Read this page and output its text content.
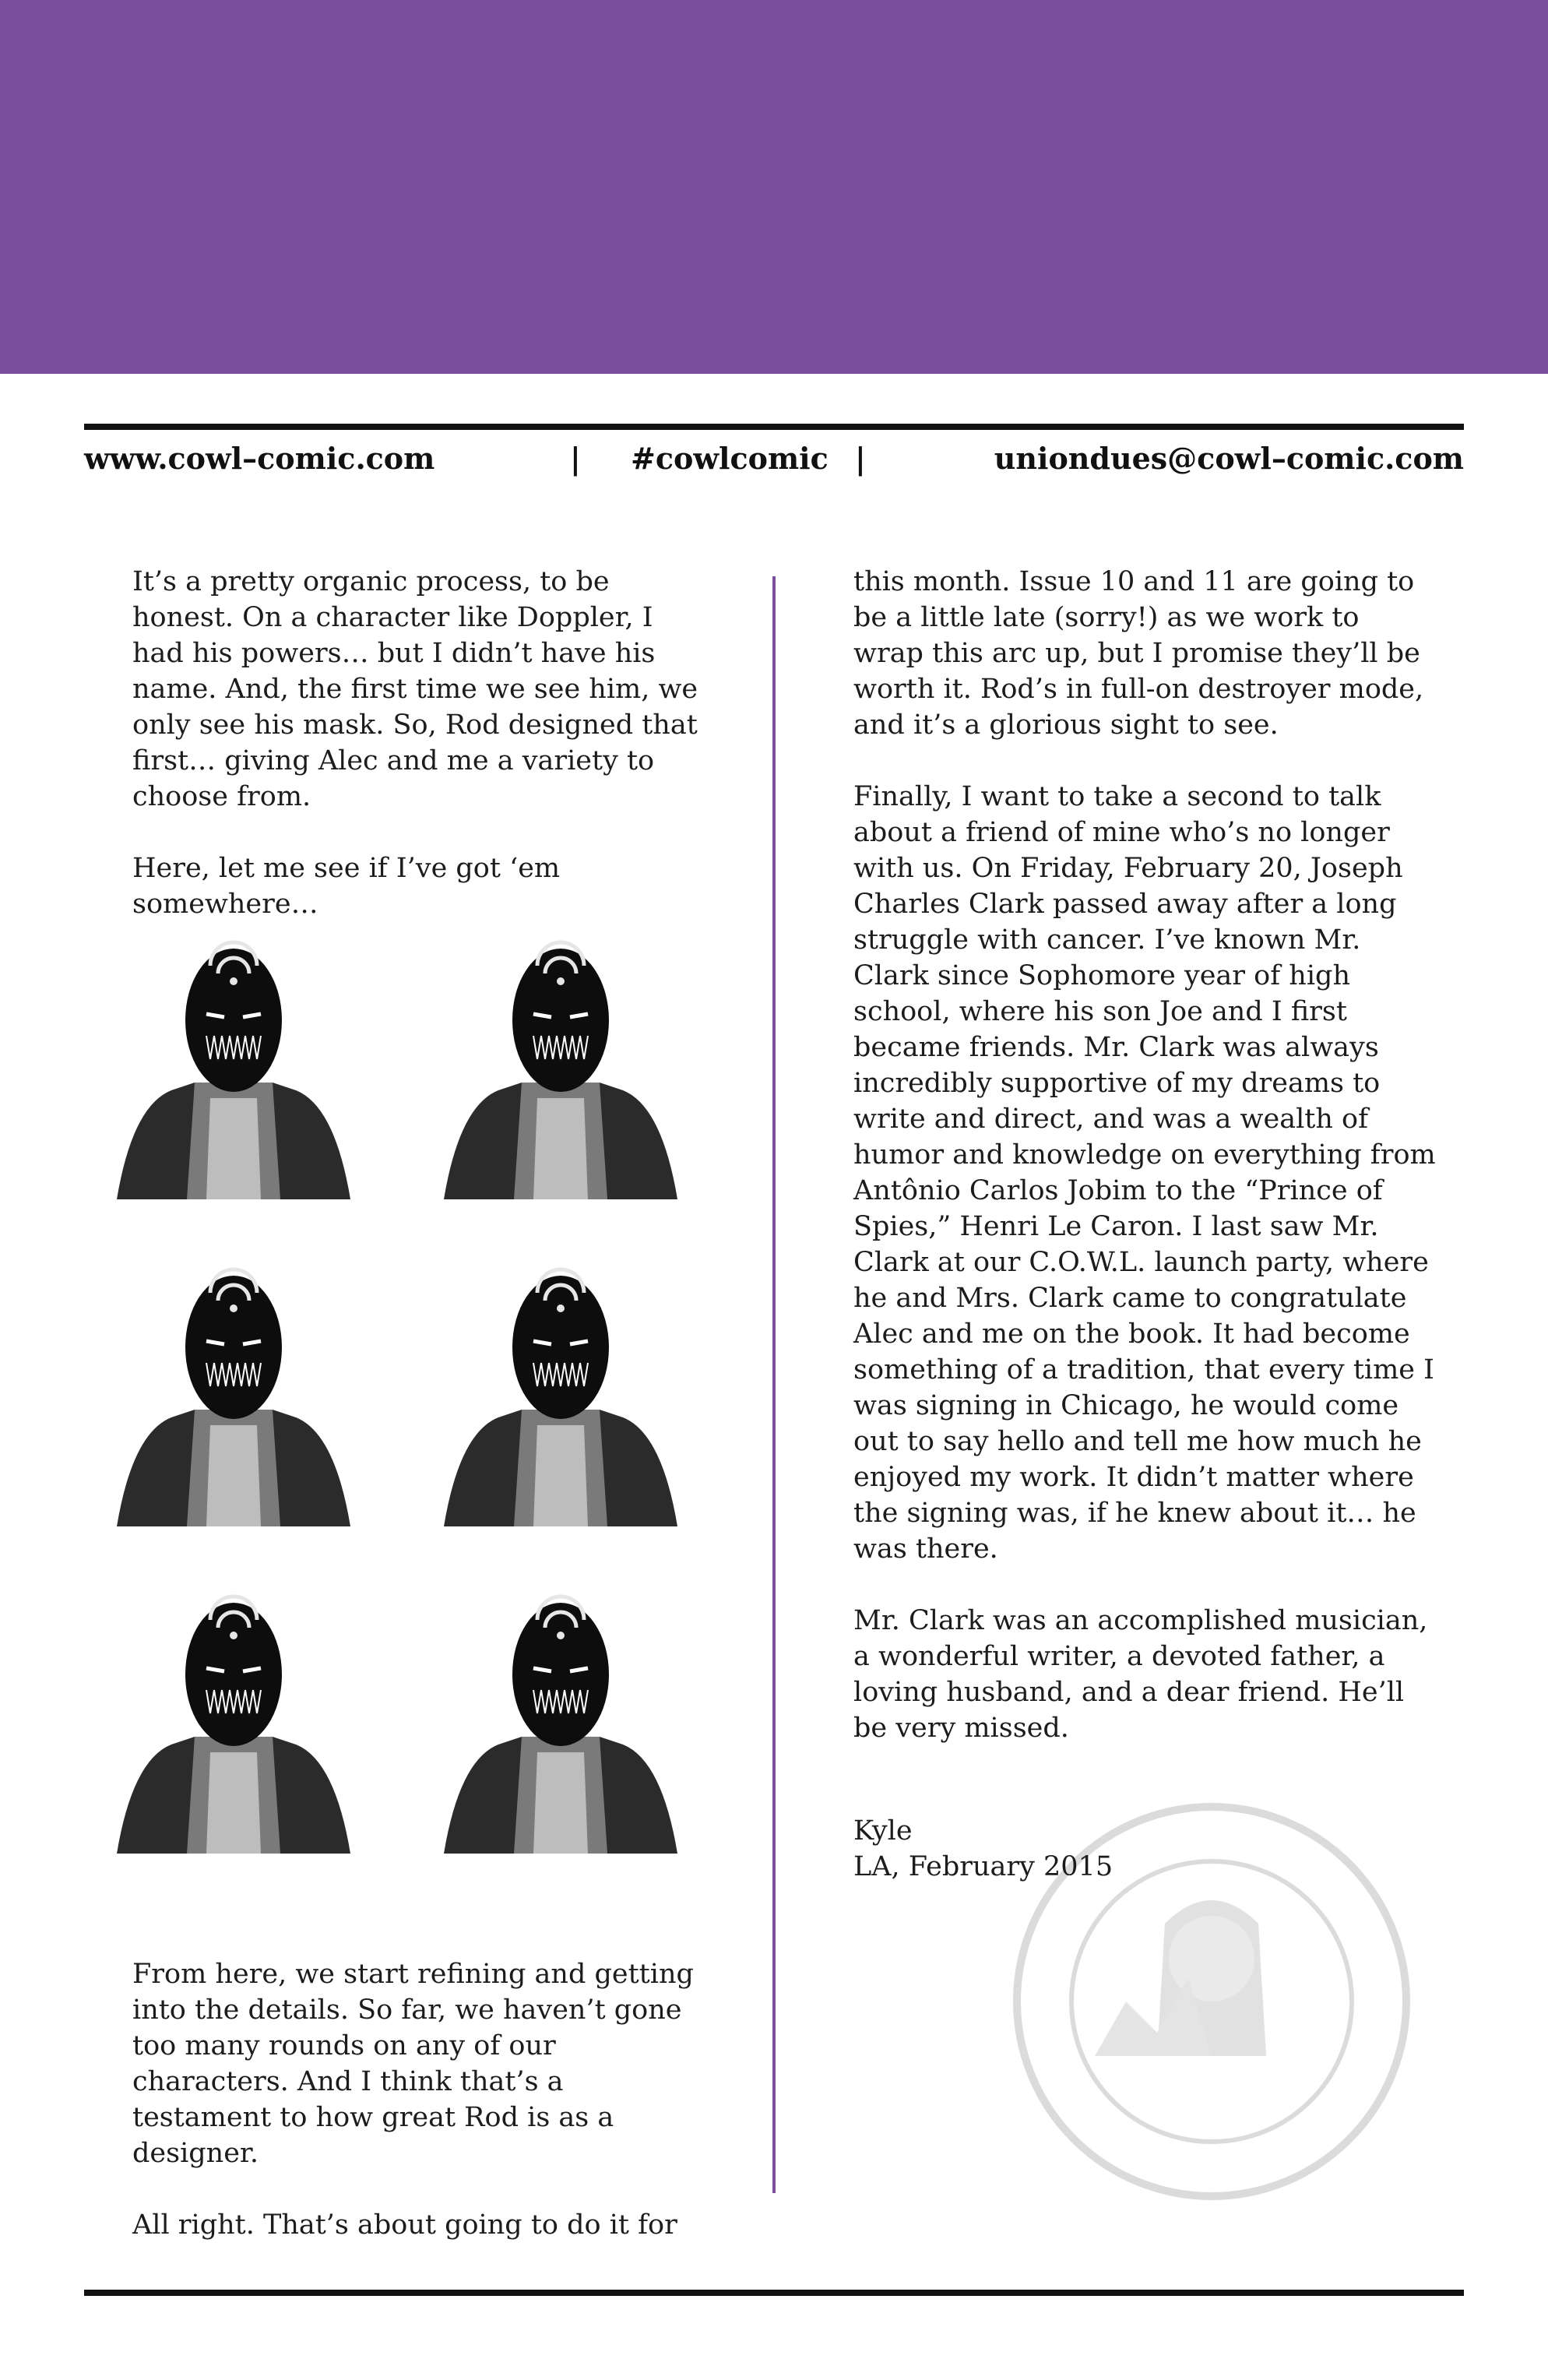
www.cowl–comic.com	| #cowlcomic |	uniondues@cowl–comic.com

It’s a pretty organic process, to be honest. On a character like Doppler, I had his powers… but I didn’t have his name. And, the first time we see him, we only see his mask. So, Rod designed that first… giving Alec and me a variety to choose from.

Here, let me see if I’ve got ‘em somewhere…

From here, we start refining and getting into the details. So far, we haven’t gone too many rounds on any of our characters. And I think that’s a testament to how great Rod is as a designer.

All right. That’s about going to do it for

this month. Issue 10 and 11 are going to be a little late (sorry!) as we work to wrap this arc up, but I promise they’ll be worth it. Rod’s in full-on destroyer mode, and it’s a glorious sight to see.

Finally, I want to take a second to talk about a friend of mine who’s no longer with us. On Friday, February 20, Joseph Charles Clark passed away after a long struggle with cancer. I’ve known Mr. Clark since Sophomore year of high school, where his son Joe and I first became friends. Mr. Clark was always incredibly supportive of my dreams to write and direct, and was a wealth of humor and knowledge on everything from Antônio Carlos Jobim to the “Prince of Spies,” Henri Le Caron. I last saw Mr. Clark at our C.O.W.L. launch party, where he and Mrs. Clark came to congratulate Alec and me on the book. It had become something of a tradition, that every time I was signing in Chicago, he would come out to say hello and tell me how much he enjoyed my work. It didn’t matter where the signing was, if he knew about it… he was there.

Mr. Clark was an accomplished musician, a wonderful writer, a devoted father, a loving husband, and a dear friend. He’ll be very missed.

Kyle
LA, February 2015
